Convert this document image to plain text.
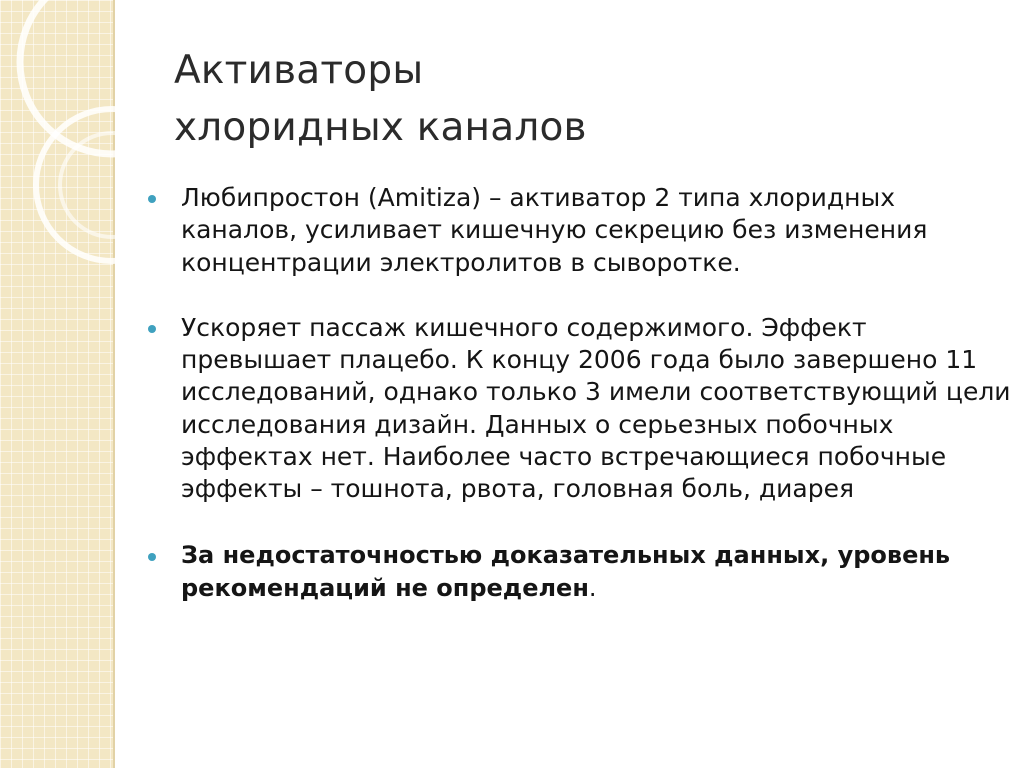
Активаторы
хлоридных каналов
Любипростон (Amitiza) – активатор 2 типа хлоридных каналов, усиливает кишечную секрецию без изменения концентрации электролитов в сыворотке.
Ускоряет пассаж кишечного содержимого. Эффект превышает плацебо. К концу 2006 года было завершено 11 исследований, однако только 3 имели соответствующий цели исследования дизайн. Данных о серьезных побочных эффектах нет. Наиболее часто встречающиеся побочные эффекты – тошнота, рвота, головная боль, диарея
За недостаточностью доказательных данных, уровень рекомендаций не определен.
